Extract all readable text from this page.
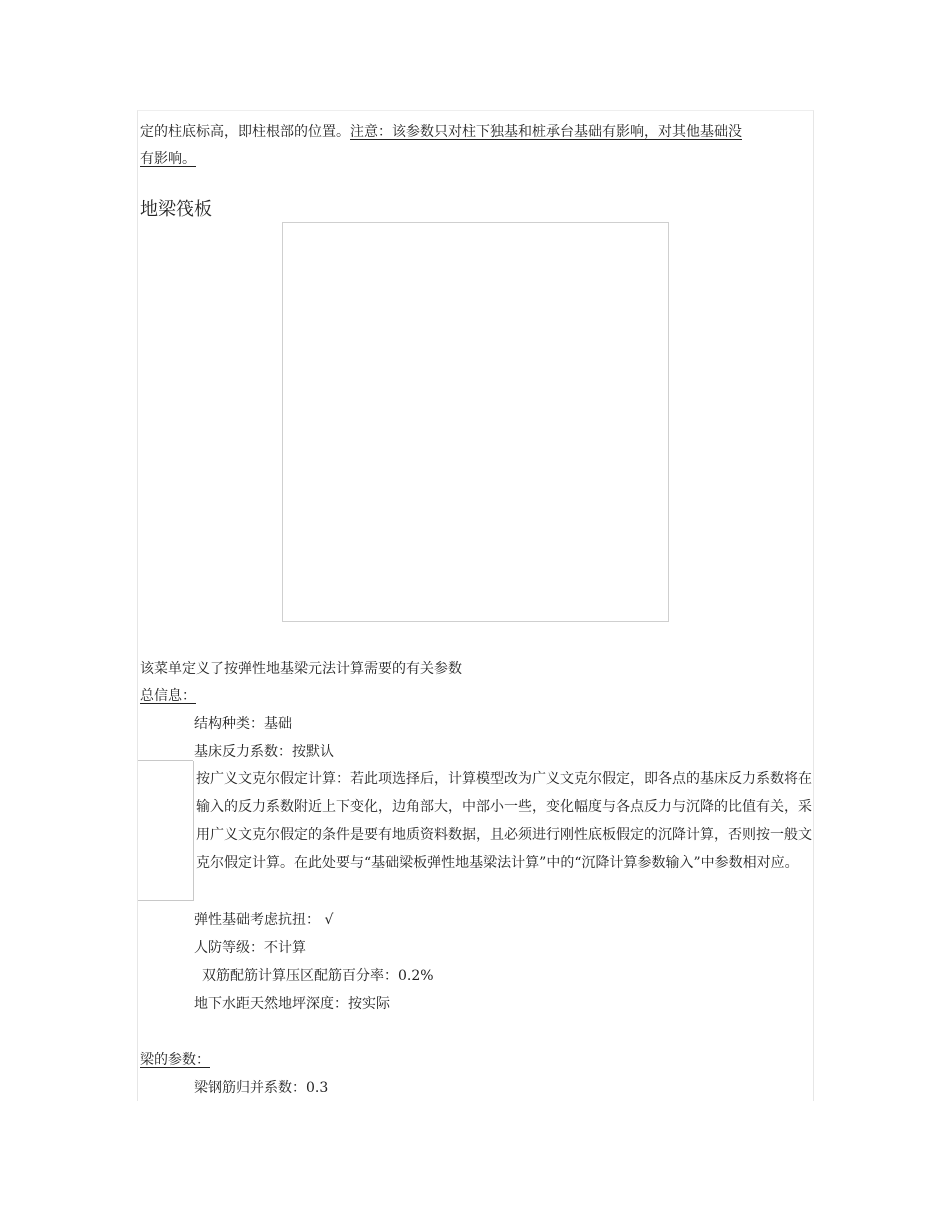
定的柱底标高，即柱根部的位置。注意：该参数只对柱下独基和桩承台基础有影响，对其他基础没
有影响。
地梁筏板
该菜单定义了按弹性地基梁元法计算需要的有关参数
总信息：
结构种类：基础
基床反力系数：按默认
按广义文克尔假定计算：若此项选择后，计算模型改为广义文克尔假定，即各点的基床反力系数将在输入的反力系数附近上下变化，边角部大，中部小一些，变化幅度与各点反力与沉降的比值有关，采用广义文克尔假定的条件是要有地质资料数据，且必须进行刚性底板假定的沉降计算，否则按一般文克尔假定计算。在此处要与“基础梁板弹性地基梁法计算”中的“沉降计算参数输入”中参数相对应。
弹性基础考虑抗扭： √
人防等级：不计算
双筋配筋计算压区配筋百分率：0.2%
地下水距天然地坪深度：按实际
梁的参数：
梁钢筋归并系数：0.3
